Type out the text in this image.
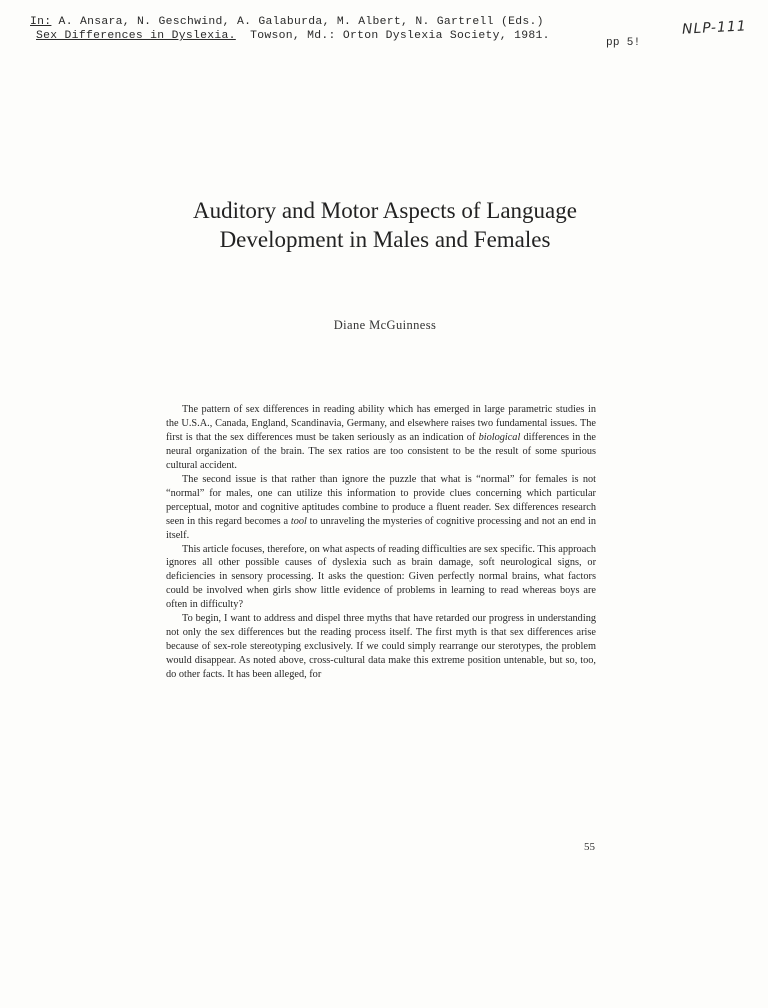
In: A. Ansara, N. Geschwind, A. Galaburda, M. Albert, N. Gartrell (Eds.)
Sex Differences in Dyslexia.  Towson, Md.: Orton Dyslexia Society, 1981.
pp 5!
NLP-111
Auditory and Motor Aspects of Language Development in Males and Females
Diane McGuinness

The pattern of sex differences in reading ability which has emerged in large parametric studies in the U.S.A., Canada, England, Scandinavia, Germany, and elsewhere raises two fundamental issues. The first is that the sex differences must be taken seriously as an indication of biological differences in the neural organization of the brain. The sex ratios are too consistent to be the result of some spurious cultural accident.

The second issue is that rather than ignore the puzzle that what is “normal” for females is not “normal” for males, one can utilize this information to provide clues concerning which particular perceptual, motor and cognitive aptitudes combine to produce a fluent reader. Sex differences research seen in this regard becomes a tool to unraveling the mysteries of cognitive processing and not an end in itself.

This article focuses, therefore, on what aspects of reading difficulties are sex specific. This approach ignores all other possible causes of dyslexia such as brain damage, soft neurological signs, or deficiencies in sensory processing. It asks the question: Given perfectly normal brains, what factors could be involved when girls show little evidence of problems in learning to read whereas boys are often in difficulty?

To begin, I want to address and dispel three myths that have retarded our progress in understanding not only the sex differences but the reading process itself. The first myth is that sex differences arise because of sex-role stereotyping exclusively. If we could simply rearrange our sterotypes, the problem would disappear. As noted above, cross-cultural data make this extreme position untenable, but so, too, do other facts. It has been alleged, for

55
